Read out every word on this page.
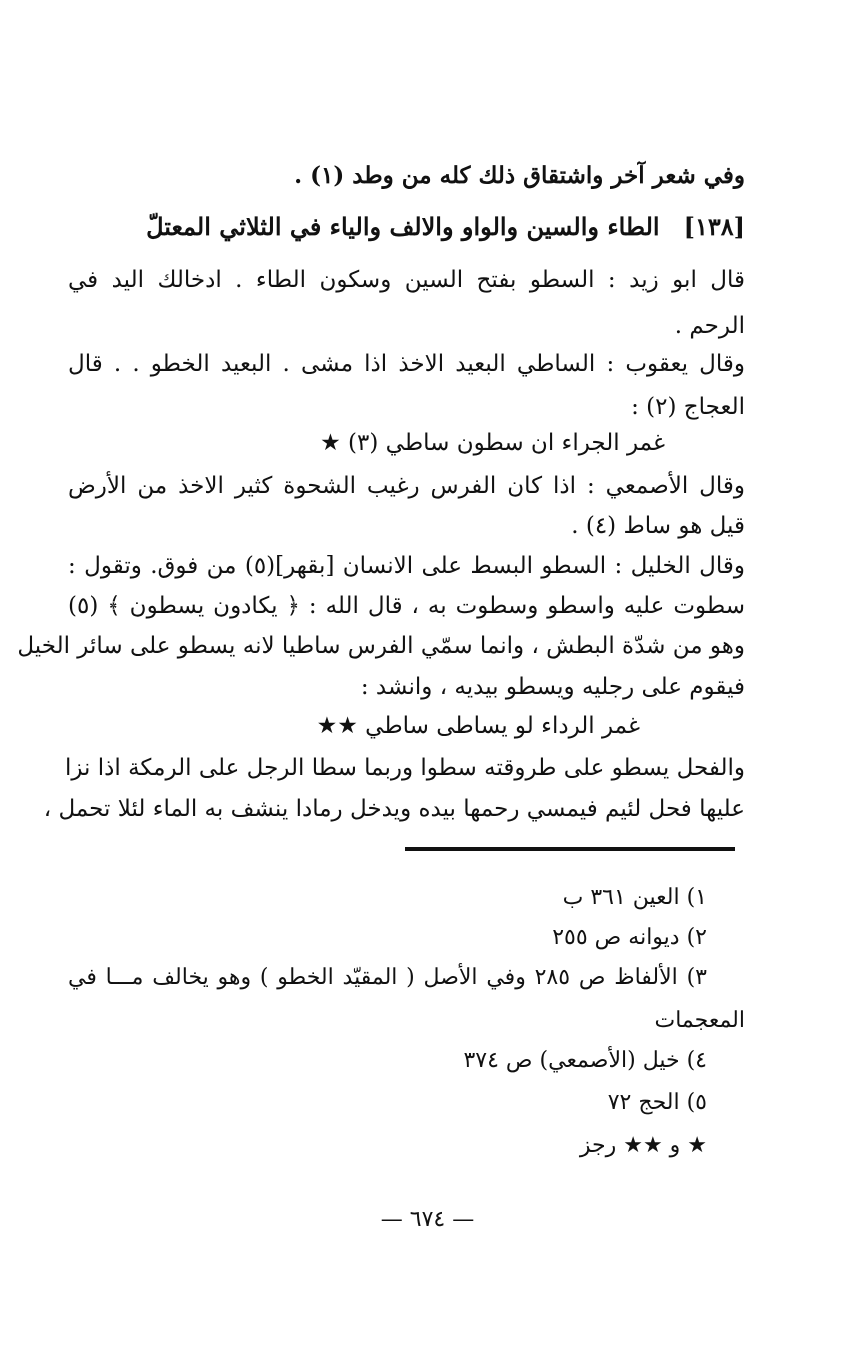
وفي شعر آخر واشتقاق ذلك كله من وطد (١) .
[١٣٨]الطاء والسين والواو والالف والياء في الثلاثي المعتلّ
قال ابو زيد : السطو بفتح السين وسكون الطاء . ادخالك اليد في
الرحم .
وقال يعقوب : الساطي البعيد الاخذ اذا مشى . البعيد الخطو . . قال
العجاج (٢) :
غمر الجراء ان سطون ساطي (٣) ★
وقال الأصمعي : اذا كان الفرس رغيب الشحوة كثير الاخذ من الأرض
قيل هو ساط (٤) .
وقال الخليل : السطو البسط على الانسان [بقهر](٥) من فوق. وتقول :
سطوت عليه واسطو وسطوت به ، قال الله : ﴿ يكادون يسطون ﴾ (٥)
وهو من شدّة البطش ، وانما سمّي الفرس ساطيا لانه يسطو على سائر الخيل
فيقوم على رجليه ويسطو بيديه ، وانشد :
غمر الرداء لو يساطى ساطي ★★
والفحل يسطو على طروقته سطوا وربما سطا الرجل على الرمكة اذا نزا
عليها فحل لئيم فيمسي رحمها بيده ويدخل رمادا ينشف به الماء لئلا تحمل ،
١) العين ٣٦١ ب
٢) ديوانه ص ٢٥٥
٣) الألفاظ ص ٢٨٥ وفي الأصل ( المقيّد الخطو ) وهو يخالف مـــا في
المعجمات
٤) خيل (الأصمعي) ص ٣٧٤
٥) الحج ٧٢
★ و ★★ رجز
— ٦٧٤ —
